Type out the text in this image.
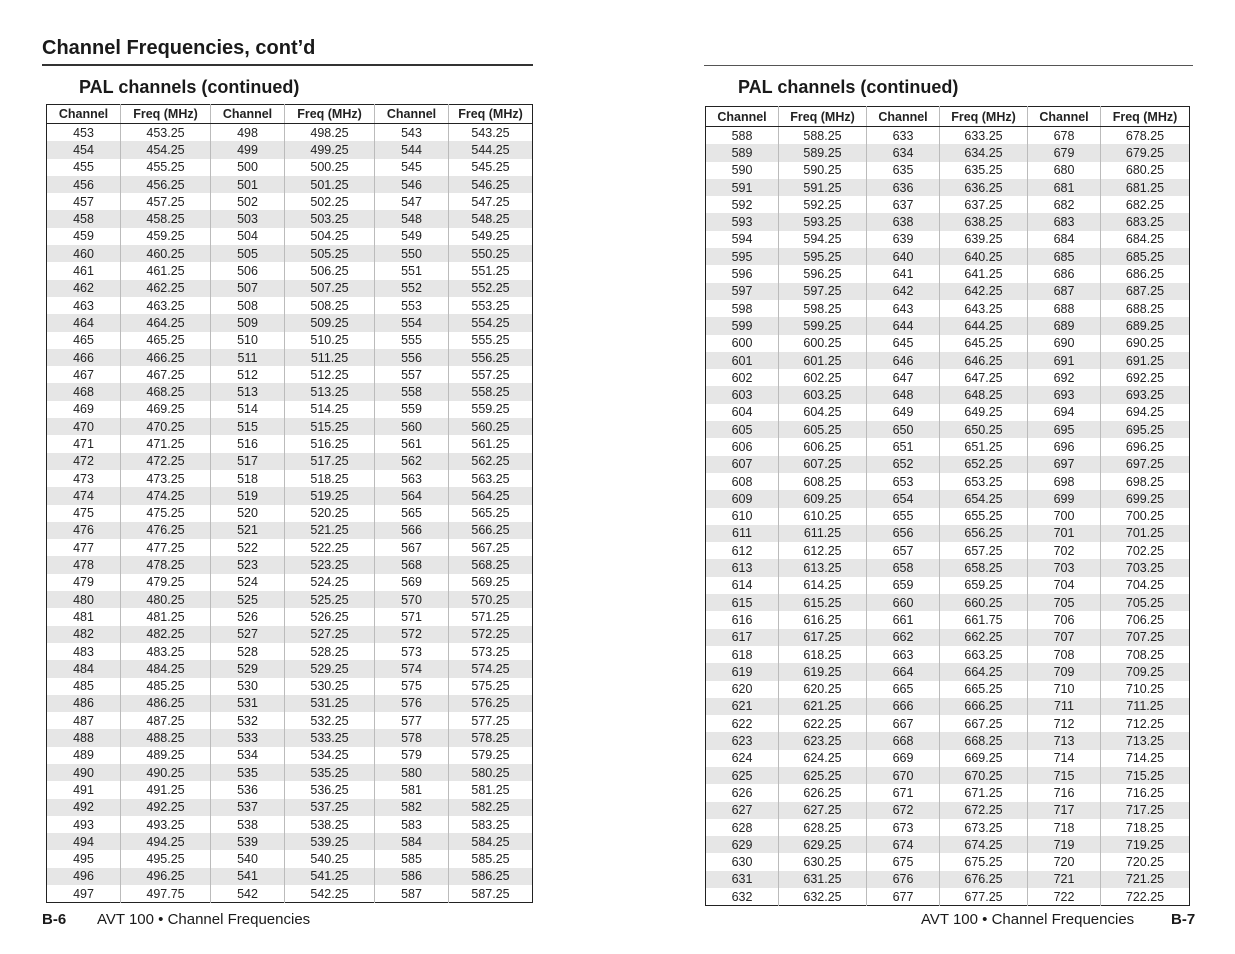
Channel Frequencies, cont’d
PAL channels (continued)	PAL channels (continued)
Channel	Freq (MHz)	Channel	Freq (MHz)	Channel	Freq (MHz)
453	453.25	498	498.25	543	543.25
454	454.25	499	499.25	544	544.25
455	455.25	500	500.25	545	545.25
456	456.25	501	501.25	546	546.25
457	457.25	502	502.25	547	547.25
458	458.25	503	503.25	548	548.25
459	459.25	504	504.25	549	549.25
460	460.25	505	505.25	550	550.25
461	461.25	506	506.25	551	551.25
462	462.25	507	507.25	552	552.25
463	463.25	508	508.25	553	553.25
464	464.25	509	509.25	554	554.25
465	465.25	510	510.25	555	555.25
466	466.25	511	511.25	556	556.25
467	467.25	512	512.25	557	557.25
468	468.25	513	513.25	558	558.25
469	469.25	514	514.25	559	559.25
470	470.25	515	515.25	560	560.25
471	471.25	516	516.25	561	561.25
472	472.25	517	517.25	562	562.25
473	473.25	518	518.25	563	563.25
474	474.25	519	519.25	564	564.25
475	475.25	520	520.25	565	565.25
476	476.25	521	521.25	566	566.25
477	477.25	522	522.25	567	567.25
478	478.25	523	523.25	568	568.25
479	479.25	524	524.25	569	569.25
480	480.25	525	525.25	570	570.25
481	481.25	526	526.25	571	571.25
482	482.25	527	527.25	572	572.25
483	483.25	528	528.25	573	573.25
484	484.25	529	529.25	574	574.25
485	485.25	530	530.25	575	575.25
486	486.25	531	531.25	576	576.25
487	487.25	532	532.25	577	577.25
488	488.25	533	533.25	578	578.25
489	489.25	534	534.25	579	579.25
490	490.25	535	535.25	580	580.25
491	491.25	536	536.25	581	581.25
492	492.25	537	537.25	582	582.25
493	493.25	538	538.25	583	583.25
494	494.25	539	539.25	584	584.25
495	495.25	540	540.25	585	585.25
496	496.25	541	541.25	586	586.25
497	497.75	542	542.25	587	587.25
Channel	Freq (MHz)	Channel	Freq (MHz)	Channel	Freq (MHz)
588	588.25	633	633.25	678	678.25
589	589.25	634	634.25	679	679.25
590	590.25	635	635.25	680	680.25
591	591.25	636	636.25	681	681.25
592	592.25	637	637.25	682	682.25
593	593.25	638	638.25	683	683.25
594	594.25	639	639.25	684	684.25
595	595.25	640	640.25	685	685.25
596	596.25	641	641.25	686	686.25
597	597.25	642	642.25	687	687.25
598	598.25	643	643.25	688	688.25
599	599.25	644	644.25	689	689.25
600	600.25	645	645.25	690	690.25
601	601.25	646	646.25	691	691.25
602	602.25	647	647.25	692	692.25
603	603.25	648	648.25	693	693.25
604	604.25	649	649.25	694	694.25
605	605.25	650	650.25	695	695.25
606	606.25	651	651.25	696	696.25
607	607.25	652	652.25	697	697.25
608	608.25	653	653.25	698	698.25
609	609.25	654	654.25	699	699.25
610	610.25	655	655.25	700	700.25
611	611.25	656	656.25	701	701.25
612	612.25	657	657.25	702	702.25
613	613.25	658	658.25	703	703.25
614	614.25	659	659.25	704	704.25
615	615.25	660	660.25	705	705.25
616	616.25	661	661.75	706	706.25
617	617.25	662	662.25	707	707.25
618	618.25	663	663.25	708	708.25
619	619.25	664	664.25	709	709.25
620	620.25	665	665.25	710	710.25
621	621.25	666	666.25	711	711.25
622	622.25	667	667.25	712	712.25
623	623.25	668	668.25	713	713.25
624	624.25	669	669.25	714	714.25
625	625.25	670	670.25	715	715.25
626	626.25	671	671.25	716	716.25
627	627.25	672	672.25	717	717.25
628	628.25	673	673.25	718	718.25
629	629.25	674	674.25	719	719.25
630	630.25	675	675.25	720	720.25
631	631.25	676	676.25	721	721.25
632	632.25	677	677.25	722	722.25

B-6 AVT 100 • Channel Frequencies	AVT 100 • Channel Frequencies B-7
